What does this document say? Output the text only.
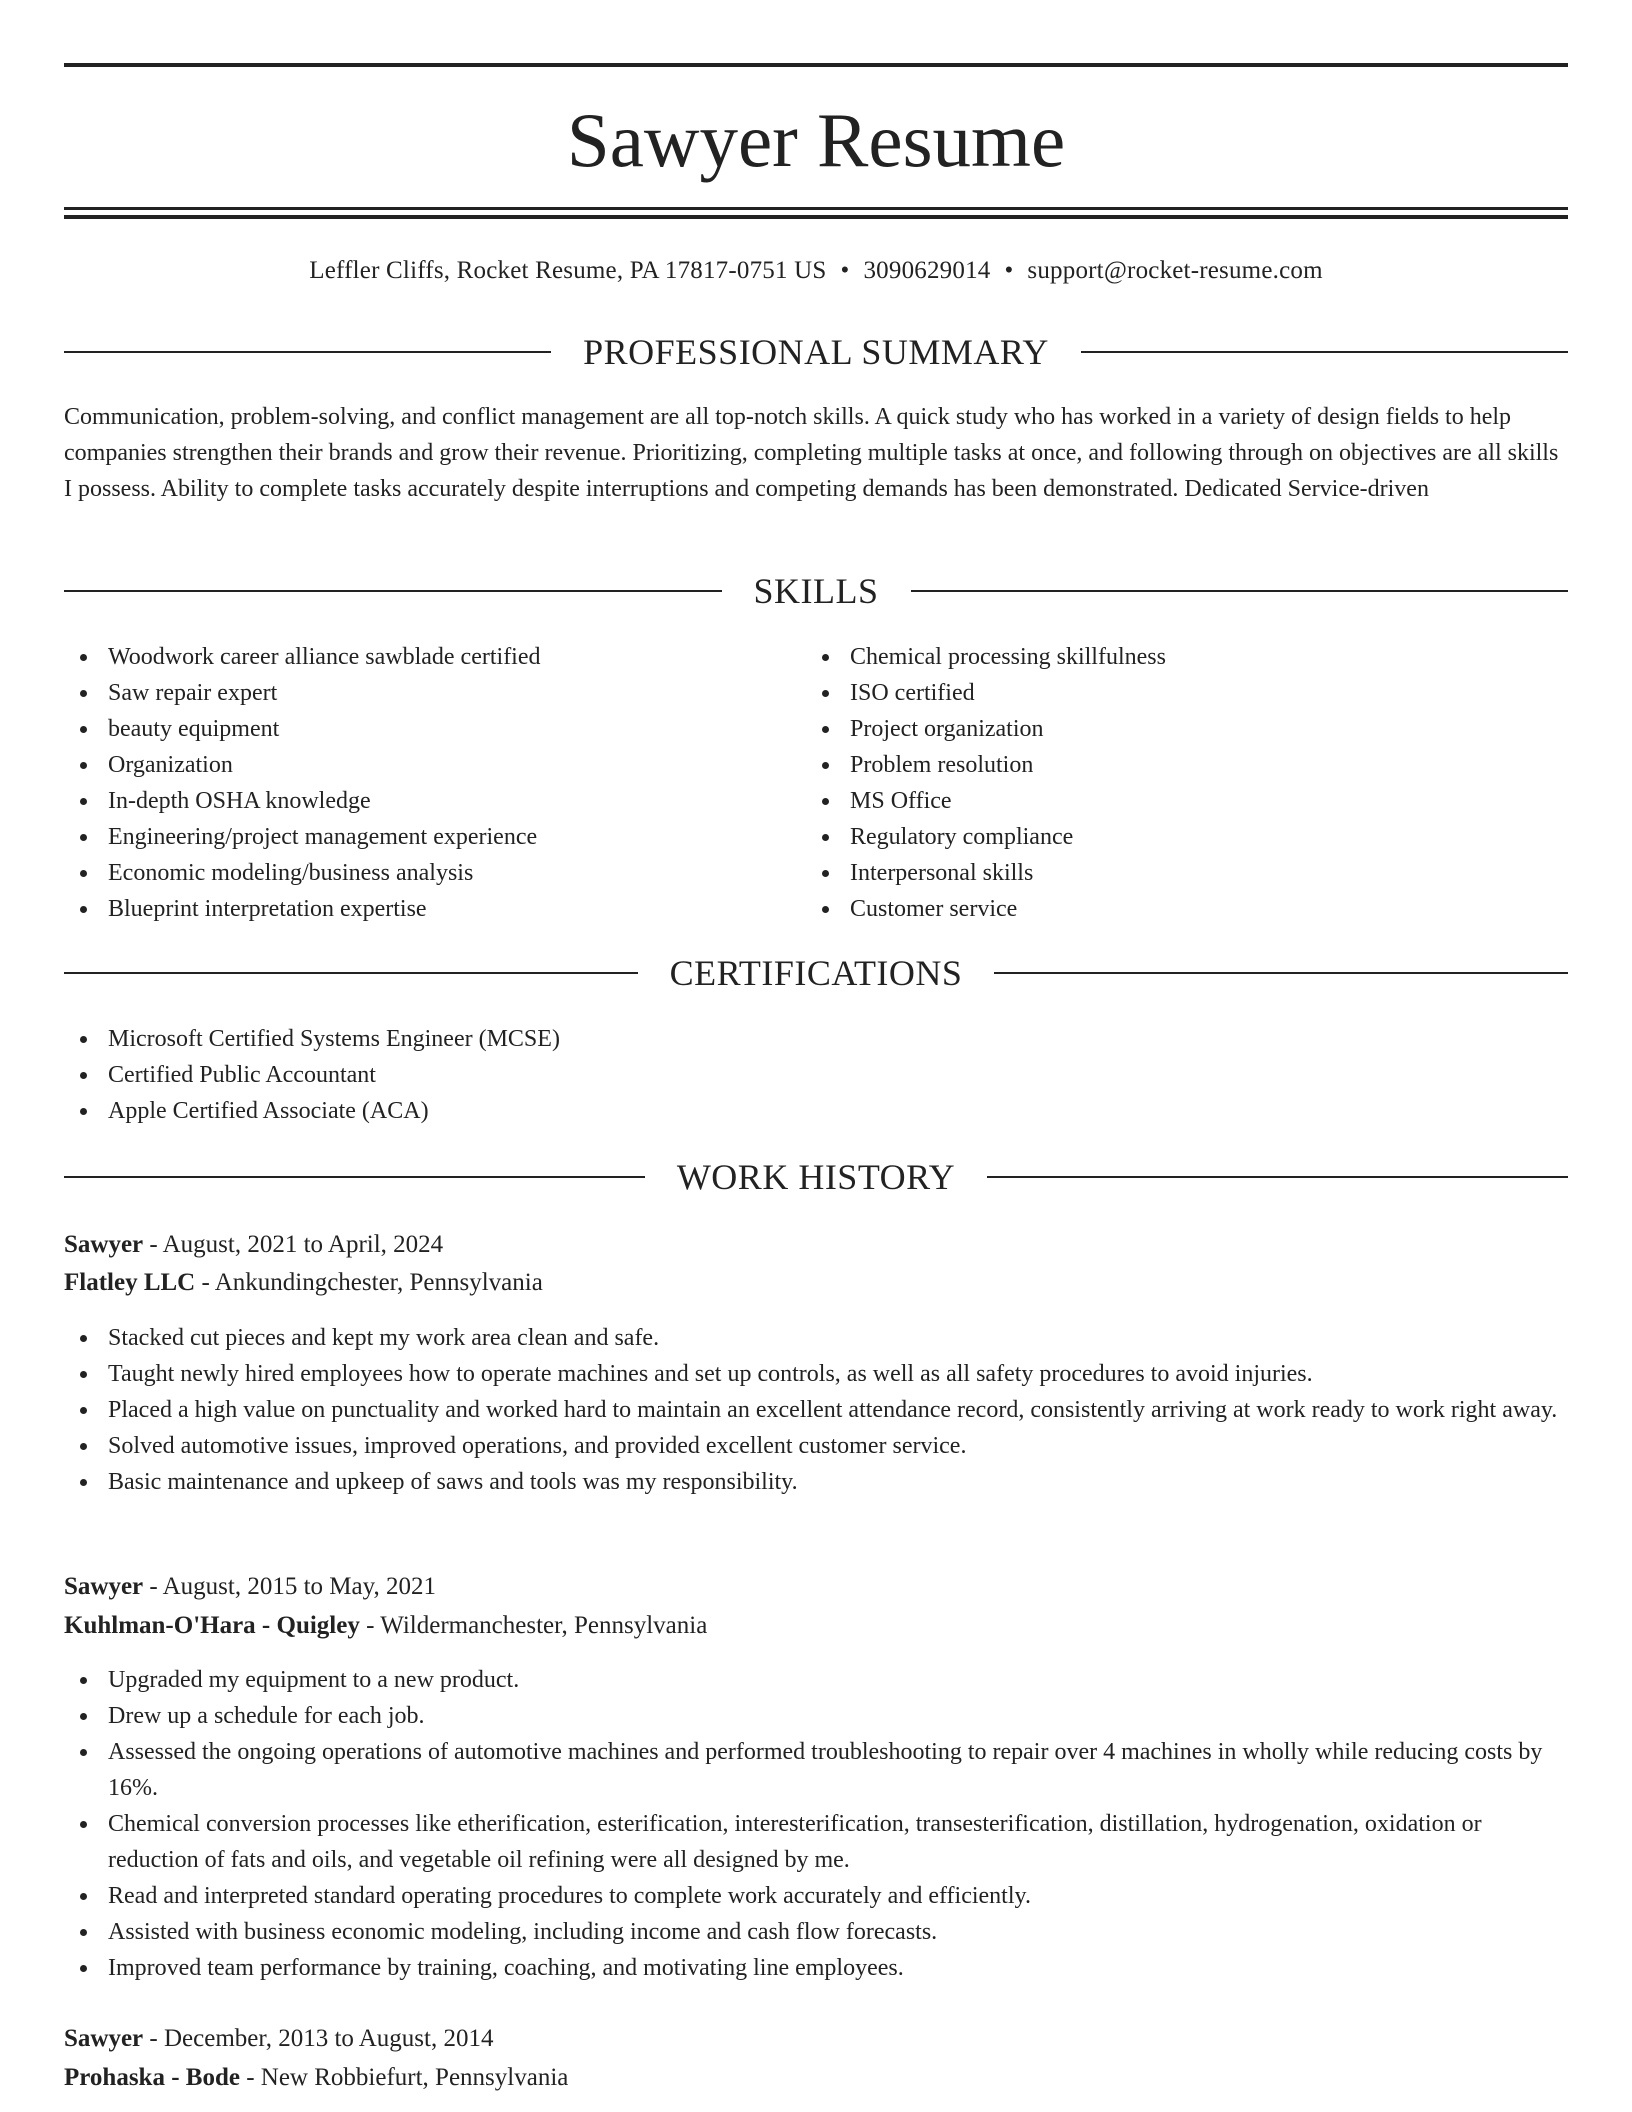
Sawyer Resume
Leffler Cliffs, Rocket Resume, PA 17817-0751 US • 3090629014 • support@rocket-resume.com
PROFESSIONAL SUMMARY

Communication, problem-solving, and conflict management are all top-notch skills. A quick study who has worked in a variety of design fields to help companies strengthen their brands and grow their revenue. Prioritizing, completing multiple tasks at once, and following through on objectives are all skills I possess. Ability to complete tasks accurately despite interruptions and competing demands has been demonstrated. Dedicated Service-driven

SKILLS
Woodwork career alliance sawblade certified
Saw repair expert
beauty equipment
Organization
In-depth OSHA knowledge
Engineering/project management experience
Economic modeling/business analysis
Blueprint interpretation expertise
Chemical processing skillfulness
ISO certified
Project organization
Problem resolution
MS Office
Regulatory compliance
Interpersonal skills
Customer service
CERTIFICATIONS
Microsoft Certified Systems Engineer (MCSE)
Certified Public Accountant
Apple Certified Associate (ACA)
WORK HISTORY
Sawyer - August, 2021 to April, 2024
Flatley LLC - Ankundingchester, Pennsylvania
Stacked cut pieces and kept my work area clean and safe.
Taught newly hired employees how to operate machines and set up controls, as well as all safety procedures to avoid injuries.
Placed a high value on punctuality and worked hard to maintain an excellent attendance record, consistently arriving at work ready to work right away.
Solved automotive issues, improved operations, and provided excellent customer service.
Basic maintenance and upkeep of saws and tools was my responsibility.
Sawyer - August, 2015 to May, 2021
Kuhlman-O'Hara - Quigley - Wildermanchester, Pennsylvania
Upgraded my equipment to a new product.
Drew up a schedule for each job.
Assessed the ongoing operations of automotive machines and performed troubleshooting to repair over 4 machines in wholly while reducing costs by 16%.
Chemical conversion processes like etherification, esterification, interesterification, transesterification, distillation, hydrogenation, oxidation or reduction of fats and oils, and vegetable oil refining were all designed by me.
Read and interpreted standard operating procedures to complete work accurately and efficiently.
Assisted with business economic modeling, including income and cash flow forecasts.
Improved team performance by training, coaching, and motivating line employees.
Sawyer - December, 2013 to August, 2014
Prohaska - Bode - New Robbiefurt, Pennsylvania
